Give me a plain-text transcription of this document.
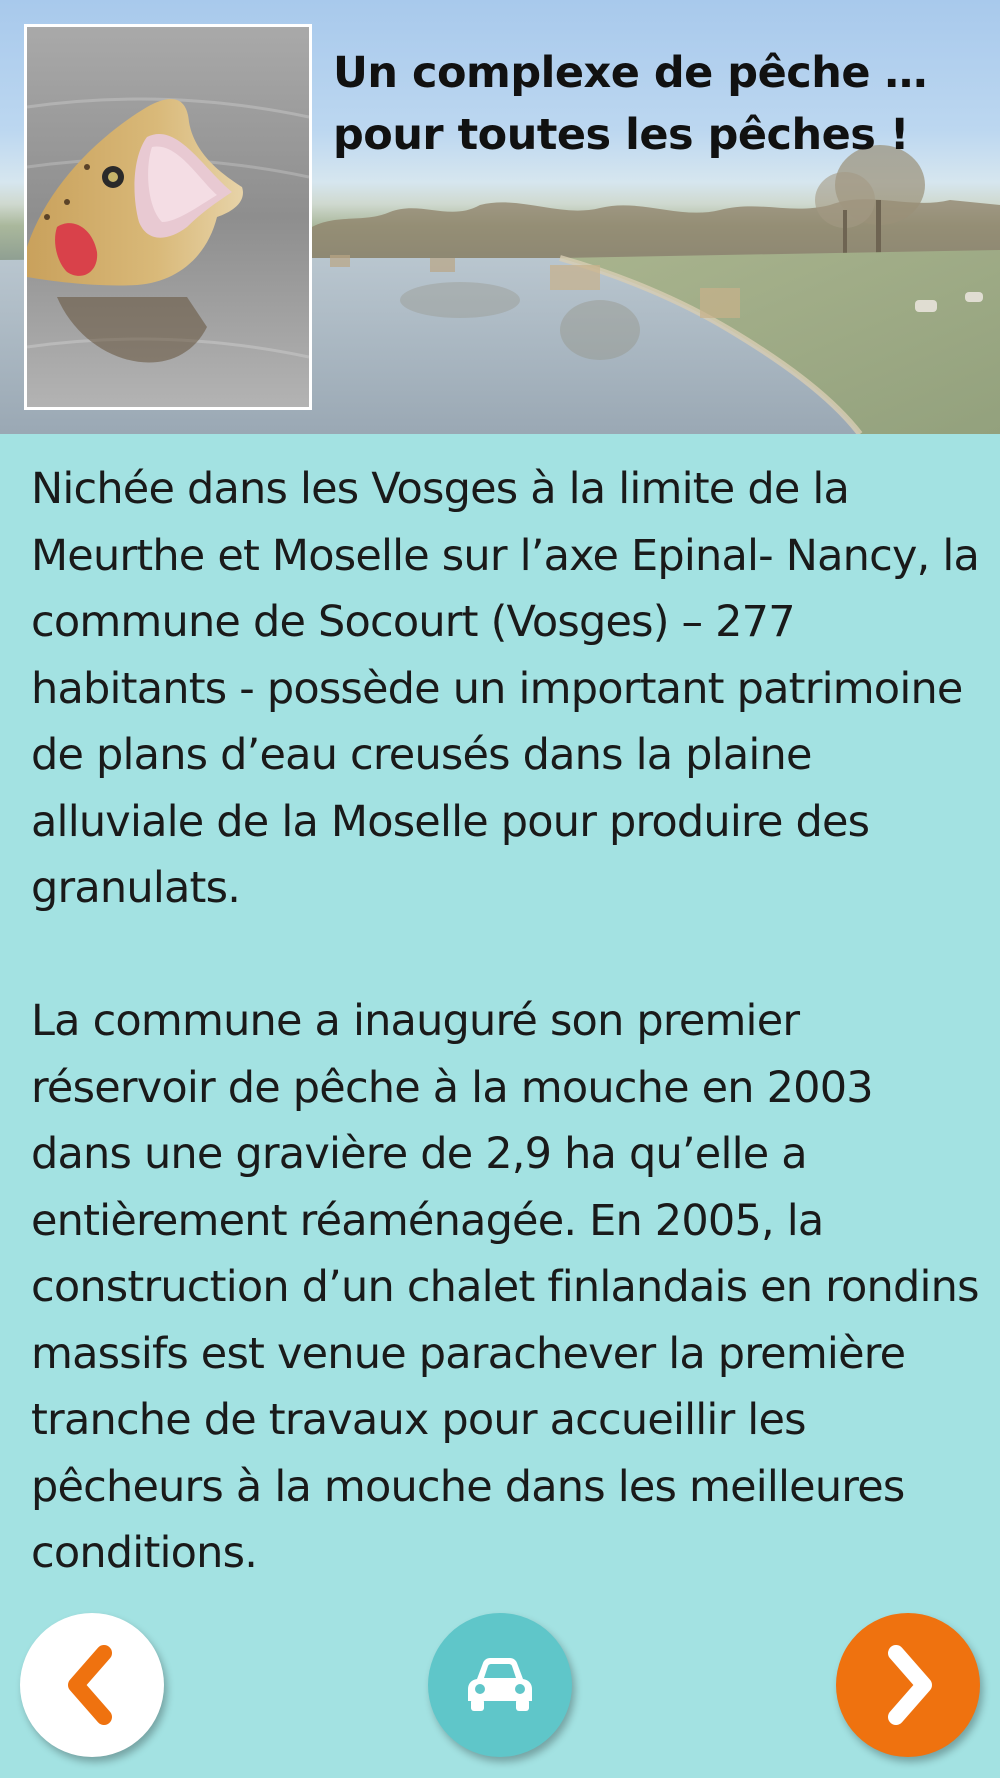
Un complexe de pêche … pour toutes les pêches !

Nichée dans les Vosges à la limite de la Meurthe et Moselle sur l’axe Epinal- Nancy, la commune de Socourt (Vosges) – 277 habitants - possède un important patrimoine de plans d’eau creusés dans la plaine alluviale de la Moselle pour produire des granulats.

La commune a inauguré son premier réservoir de pêche à la mouche en 2003 dans une gravière de 2,9 ha qu’elle a entièrement réaménagée. En 2005, la construction d’un chalet finlandais en rondins massifs est venue parachever la première tranche de travaux pour accueillir les pêcheurs à la mouche dans les meilleures conditions.
